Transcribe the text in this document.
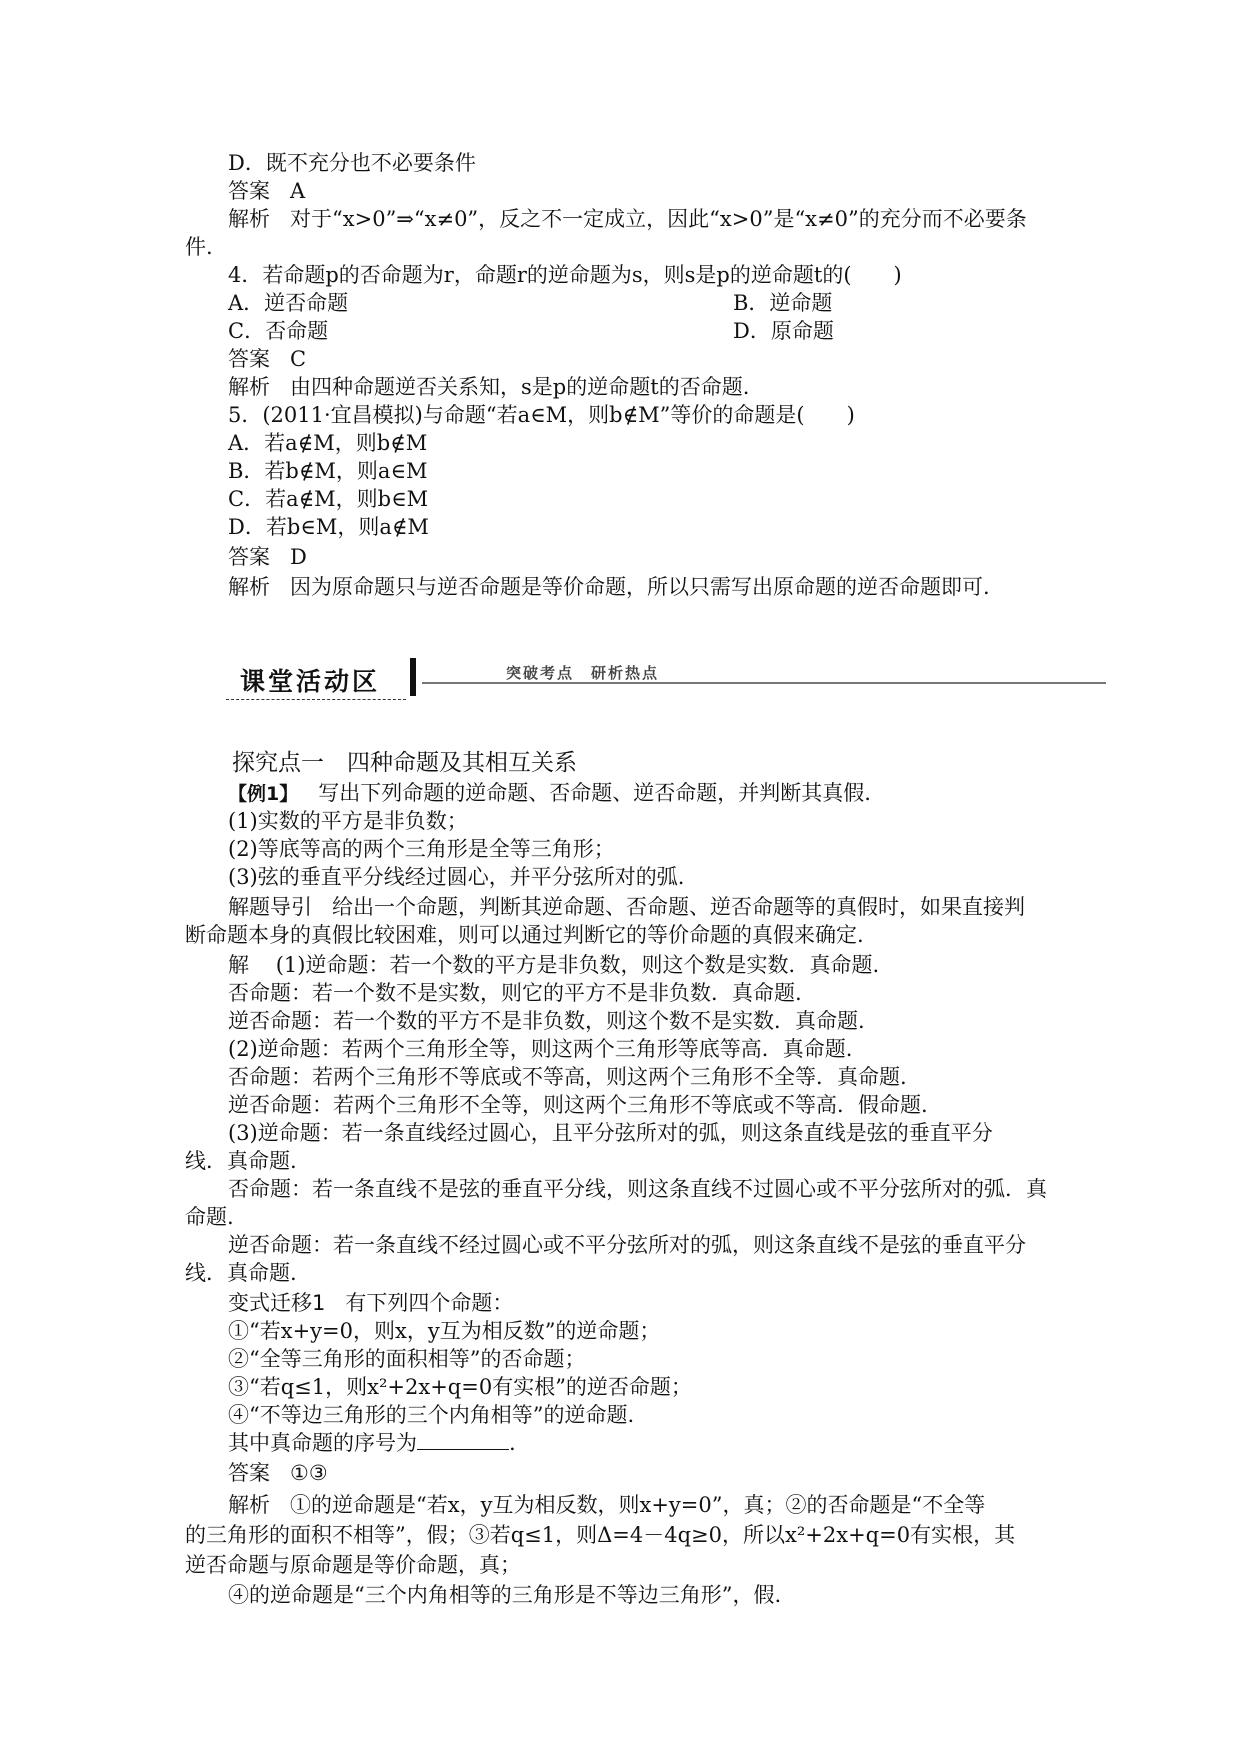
D．既不充分也不必要条件
答案 A
解析 对于“x>0”⇒“x≠0”，反之不一定成立，因此“x>0”是“x≠0”的充分而不必要条
件.
4．若命题p的否命题为r，命题r的逆命题为s，则s是p的逆命题t的(　　)
A．逆否命题	B．逆命题
C．否命题	D．原命题
答案 C
解析 由四种命题逆否关系知，s是p的逆命题t的否命题.
5．(2011·宜昌模拟)与命题“若a∈M，则b∉M”等价的命题是(　　)
A．若a∉M，则b∉M
B．若b∉M，则a∈M
C．若a∉M，则b∈M
D．若b∈M，则a∉M
答案 D
解析 因为原命题只与逆否命题是等价命题，所以只需写出原命题的逆否命题即可.
课堂活动区	突破考点　研析热点
探究点一　四种命题及其相互关系
【例1】 写出下列命题的逆命题、否命题、逆否命题，并判断其真假.
(1)实数的平方是非负数；
(2)等底等高的两个三角形是全等三角形；
(3)弦的垂直平分线经过圆心，并平分弦所对的弧.
解题导引 给出一个命题，判断其逆命题、否命题、逆否命题等的真假时，如果直接判
断命题本身的真假比较困难，则可以通过判断它的等价命题的真假来确定.
解 (1)逆命题：若一个数的平方是非负数，则这个数是实数．真命题.
否命题：若一个数不是实数，则它的平方不是非负数．真命题.
逆否命题：若一个数的平方不是非负数，则这个数不是实数．真命题.
(2)逆命题：若两个三角形全等，则这两个三角形等底等高．真命题.
否命题：若两个三角形不等底或不等高，则这两个三角形不全等．真命题.
逆否命题：若两个三角形不全等，则这两个三角形不等底或不等高．假命题.
(3)逆命题：若一条直线经过圆心，且平分弦所对的弧，则这条直线是弦的垂直平分
线．真命题.
否命题：若一条直线不是弦的垂直平分线，则这条直线不过圆心或不平分弦所对的弧．真
命题.
逆否命题：若一条直线不经过圆心或不平分弦所对的弧，则这条直线不是弦的垂直平分
线．真命题.
变式迁移1 有下列四个命题：
①“若x+y=0，则x，y互为相反数”的逆命题；
②“全等三角形的面积相等”的否命题；
③“若q≤1，则x²+2x+q=0有实根”的逆否命题；
④“不等边三角形的三个内角相等”的逆命题.
其中真命题的序号为	.
答案 ①③
解析 ①的逆命题是“若x，y互为相反数，则x+y=0”，真；②的否命题是“不全等
的三角形的面积不相等”，假；③若q≤1，则Δ=4－4q≥0，所以x²+2x+q=0有实根，其
逆否命题与原命题是等价命题，真；
④的逆命题是“三个内角相等的三角形是不等边三角形”，假.
